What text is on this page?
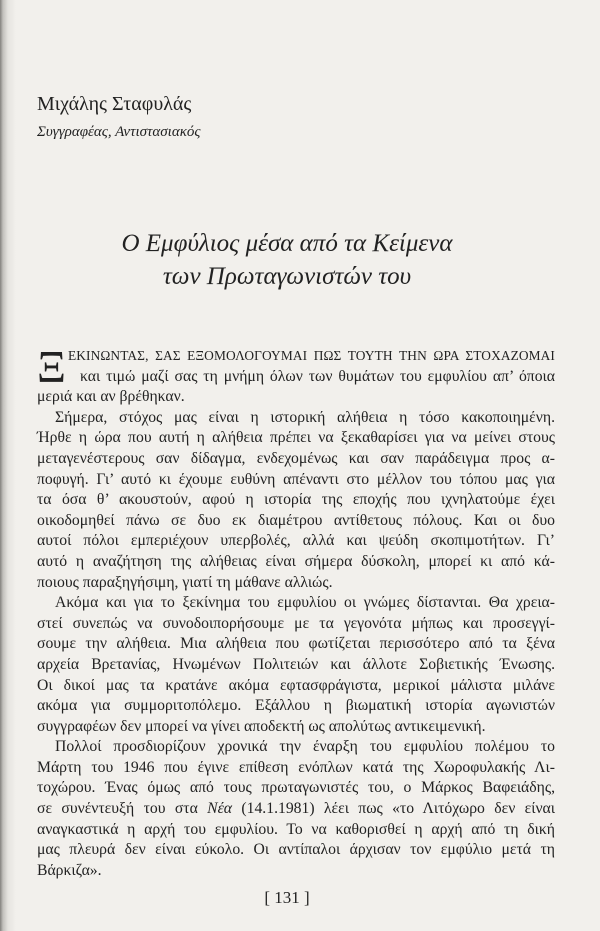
Μιχάλης Σταφυλάς
Συγγραφέας, Αντιστασιακός
Ο Εμφύλιος μέσα από τα Κείμενα
των Πρωταγωνιστών του
Ξ ΕΚΙΝΩΝΤΑΣ, ΣΑΣ ΕΞΟΜΟΛΟΓΟΥΜΑΙ ΠΩΣ ΤΟΥΤΗ ΤΗΝ ΩΡΑ ΣΤΟΧΑΖΟΜΑΙ
και τιμώ μαζί σας τη μνήμη όλων των θυμάτων του εμφυλίου απ’ όποια
μεριά και αν βρέθηκαν.
Σήμερα, στόχος μας είναι η ιστορική αλήθεια η τόσο κακοποιημένη.
Ήρθε η ώρα που αυτή η αλήθεια πρέπει να ξεκαθαρίσει για να μείνει στους
μεταγενέστερους σαν δίδαγμα, ενδεχομένως και σαν παράδειγμα προς α-
ποφυγή. Γι’ αυτό κι έχουμε ευθύνη απέναντι στο μέλλον του τόπου μας για
τα όσα θ’ ακουστούν, αφού η ιστορία της εποχής που ιχνηλατούμε έχει
οικοδομηθεί πάνω σε δυο εκ διαμέτρου αντίθετους πόλους. Και οι δυο
αυτοί πόλοι εμπεριέχουν υπερβολές, αλλά και ψεύδη σκοπιμοτήτων. Γι’
αυτό η αναζήτηση της αλήθειας είναι σήμερα δύσκολη, μπορεί κι από κά-
ποιους παραξηγήσιμη, γιατί τη μάθανε αλλιώς.
Ακόμα και για το ξεκίνημα του εμφυλίου οι γνώμες δίστανται. Θα χρεια-
στεί συνεπώς να συνοδοιπορήσουμε με τα γεγονότα μήπως και προσεγγί-
σουμε την αλήθεια. Μια αλήθεια που φωτίζεται περισσότερο από τα ξένα
αρχεία Βρετανίας, Ηνωμένων Πολιτειών και άλλοτε Σοβιετικής Ένωσης.
Οι δικοί μας τα κρατάνε ακόμα εφτασφράγιστα, μερικοί μάλιστα μιλάνε
ακόμα για συμμοριτοπόλεμο. Εξάλλου η βιωματική ιστορία αγωνιστών
συγγραφέων δεν μπορεί να γίνει αποδεκτή ως απολύτως αντικειμενική.
Πολλοί προσδιορίζουν χρονικά την έναρξη του εμφυλίου πολέμου το
Μάρτη του 1946 που έγινε επίθεση ενόπλων κατά της Χωροφυλακής Λι-
τοχώρου. Ένας όμως από τους πρωταγωνιστές του, ο Μάρκος Βαφειάδης,
σε συνέντευξή του στα Νέα (14.1.1981) λέει πως «το Λιτόχωρο δεν είναι
αναγκαστικά η αρχή του εμφυλίου. Το να καθορισθεί η αρχή από τη δική
μας πλευρά δεν είναι εύκολο. Οι αντίπαλοι άρχισαν τον εμφύλιο μετά τη
Βάρκιζα».
[ 131 ]
